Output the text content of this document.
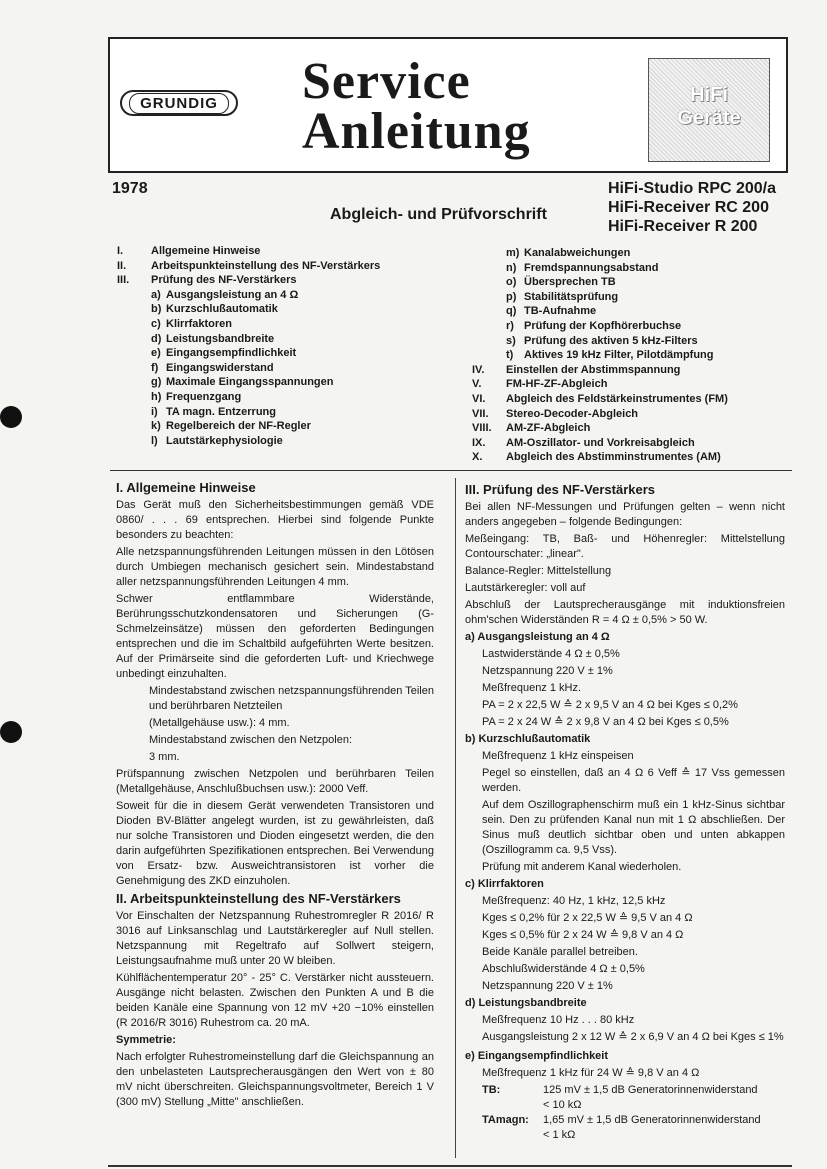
GRUNDIG Service
Anleitung
HiFi
Geräte
1978
Abgleich- und Prüfvorschrift
HiFi-Studio RPC 200/a
HiFi-Receiver RC 200
HiFi-Receiver R 200
I.	Allgemeine Hinweise
II.	Arbeitspunkteinstellung des NF-Verstärkers
III.	Prüfung des NF-Verstärkers
a) Ausgangsleistung an 4 Ω
b) Kurzschlußautomatik
c) Klirrfaktoren
d) Leistungsbandbreite
e) Eingangsempfindlichkeit
f) Eingangswiderstand
g) Maximale Eingangsspannungen
h) Frequenzgang
i) TA magn. Entzerrung
k) Regelbereich der NF-Regler
l) Lautstärkephysiologie
m) Kanalabweichungen
n) Fremdspannungsabstand
o) Übersprechen TB
p) Stabilitätsprüfung
q) TB-Aufnahme
r) Prüfung der Kopfhörerbuchse
s) Prüfung des aktiven 5 kHz-Filters
t) Aktives 19 kHz Filter, Pilotdämpfung
IV.	Einstellen der Abstimmspannung
V.	FM-HF-ZF-Abgleich
VI.	Abgleich des Feldstärkeinstrumentes (FM)
VII.	Stereo-Decoder-Abgleich
VIII.	AM-ZF-Abgleich
IX.	AM-Oszillator- und Vorkreisabgleich
X.	Abgleich des Abstimminstrumentes (AM)

I. Allgemeine Hinweise

Das Gerät muß den Sicherheitsbestimmungen gemäß VDE 0860/ . . . 69 entsprechen. Hierbei sind folgende Punkte besonders zu beachten:

Alle netzspannungsführenden Leitungen müssen in den Lötösen durch Umbiegen mechanisch gesichert sein. Mindestabstand aller netzspannungsführenden Leitungen 4 mm.

Schwer entflammbare Widerstände, Berührungsschutzkondensatoren und Sicherungen (G-Schmelzeinsätze) müssen den geforderten Bedingungen entsprechen und die im Schaltbild aufgeführten Werte besitzen. Auf der Primärseite sind die geforderten Luft- und Kriechwege unbedingt einzuhalten.

Mindestabstand zwischen netzspannungsführenden Teilen und berührbaren Netzteilen

(Metallgehäuse usw.): 4 mm.

Mindestabstand zwischen den Netzpolen:

3 mm.

Prüfspannung zwischen Netzpolen und berührbaren Teilen (Metallgehäuse, Anschlußbuchsen usw.): 2000 Veff.

Soweit für die in diesem Gerät verwendeten Transistoren und Dioden BV-Blätter angelegt wurden, ist zu gewährleisten, daß nur solche Transistoren und Dioden eingesetzt werden, die den darin aufgeführten Spezifikationen entsprechen. Bei Verwendung von Ersatz- bzw. Ausweichtransistoren ist vorher die Genehmigung des ZKD einzuholen.

II. Arbeitspunkteinstellung des NF-Verstärkers

Vor Einschalten der Netzspannung Ruhestromregler R 2016/ R 3016 auf Linksanschlag und Lautstärkeregler auf Null stellen. Netzspannung mit Regeltrafo auf Sollwert steigern, Leistungsaufnahme muß unter 20 W bleiben.

Kühlflächentemperatur 20° - 25° C. Verstärker nicht aussteuern. Ausgänge nicht belasten. Zwischen den Punkten A und B die beiden Kanäle eine Spannung von 12 mV +20 −10% einstellen (R 2016/R 3016) Ruhestrom ca. 20 mA.

Symmetrie:

Nach erfolgter Ruhestromeinstellung darf die Gleichspannung an den unbelasteten Lautsprecherausgängen den Wert von ± 80 mV nicht überschreiten. Gleichspannungsvoltmeter, Bereich 1 V (300 mV) Stellung „Mitte" anschließen.

III. Prüfung des NF-Verstärkers

Bei allen NF-Messungen und Prüfungen gelten – wenn nicht anders angegeben – folgende Bedingungen:

Meßeingang: TB, Baß- und Höhenregler: Mittelstellung Contourschater: „linear".

Balance-Regler: Mittelstellung

Lautstärkeregler: voll auf

Abschluß der Lautsprecherausgänge mit induktionsfreien ohm'schen Widerständen R = 4 Ω ± 0,5% > 50 W.

a) Ausgangsleistung an 4 Ω

Lastwiderstände 4 Ω ± 0,5%

Netzspannung 220 V ± 1%

Meßfrequenz 1 kHz.

PA = 2 x 22,5 W ≙ 2 x 9,5 V an 4 Ω bei Kges ≤ 0,2%

PA = 2 x 24 W ≙ 2 x 9,8 V an 4 Ω bei Kges ≤ 0,5%

b) Kurzschlußautomatik

Meßfrequenz 1 kHz einspeisen

Pegel so einstellen, daß an 4 Ω 6 Veff ≙ 17 Vss gemessen werden.

Auf dem Oszillographenschirm muß ein 1 kHz-Sinus sichtbar sein. Den zu prüfenden Kanal nun mit 1 Ω abschließen. Der Sinus muß deutlich sichtbar oben und unten abkappen (Oszillogramm ca. 9,5 Vss).

Prüfung mit anderem Kanal wiederholen.

c) Klirrfaktoren

Meßfrequenz: 40 Hz, 1 kHz, 12,5 kHz

Kges ≤ 0,2% für 2 x 22,5 W ≙ 9,5 V an 4 Ω

Kges ≤ 0,5% für 2 x 24 W ≙ 9,8 V an 4 Ω

Beide Kanäle parallel betreiben.

Abschlußwiderstände 4 Ω ± 0,5%

Netzspannung 220 V ± 1%

d) Leistungsbandbreite

Meßfrequenz 10 Hz . . . 80 kHz

Ausgangsleistung 2 x 12 W ≙ 2 x 6,9 V an 4 Ω bei Kges ≤ 1%

e) Eingangsempfindlichkeit

Meßfrequenz 1 kHz für 24 W ≙ 9,8 V an 4 Ω

TB:	125 mV ± 1,5 dB Generatorinnenwiderstand
< 10 kΩ
TAmagn:	1,65 mV ± 1,5 dB Generatorinnenwiderstand
< 1 kΩ
